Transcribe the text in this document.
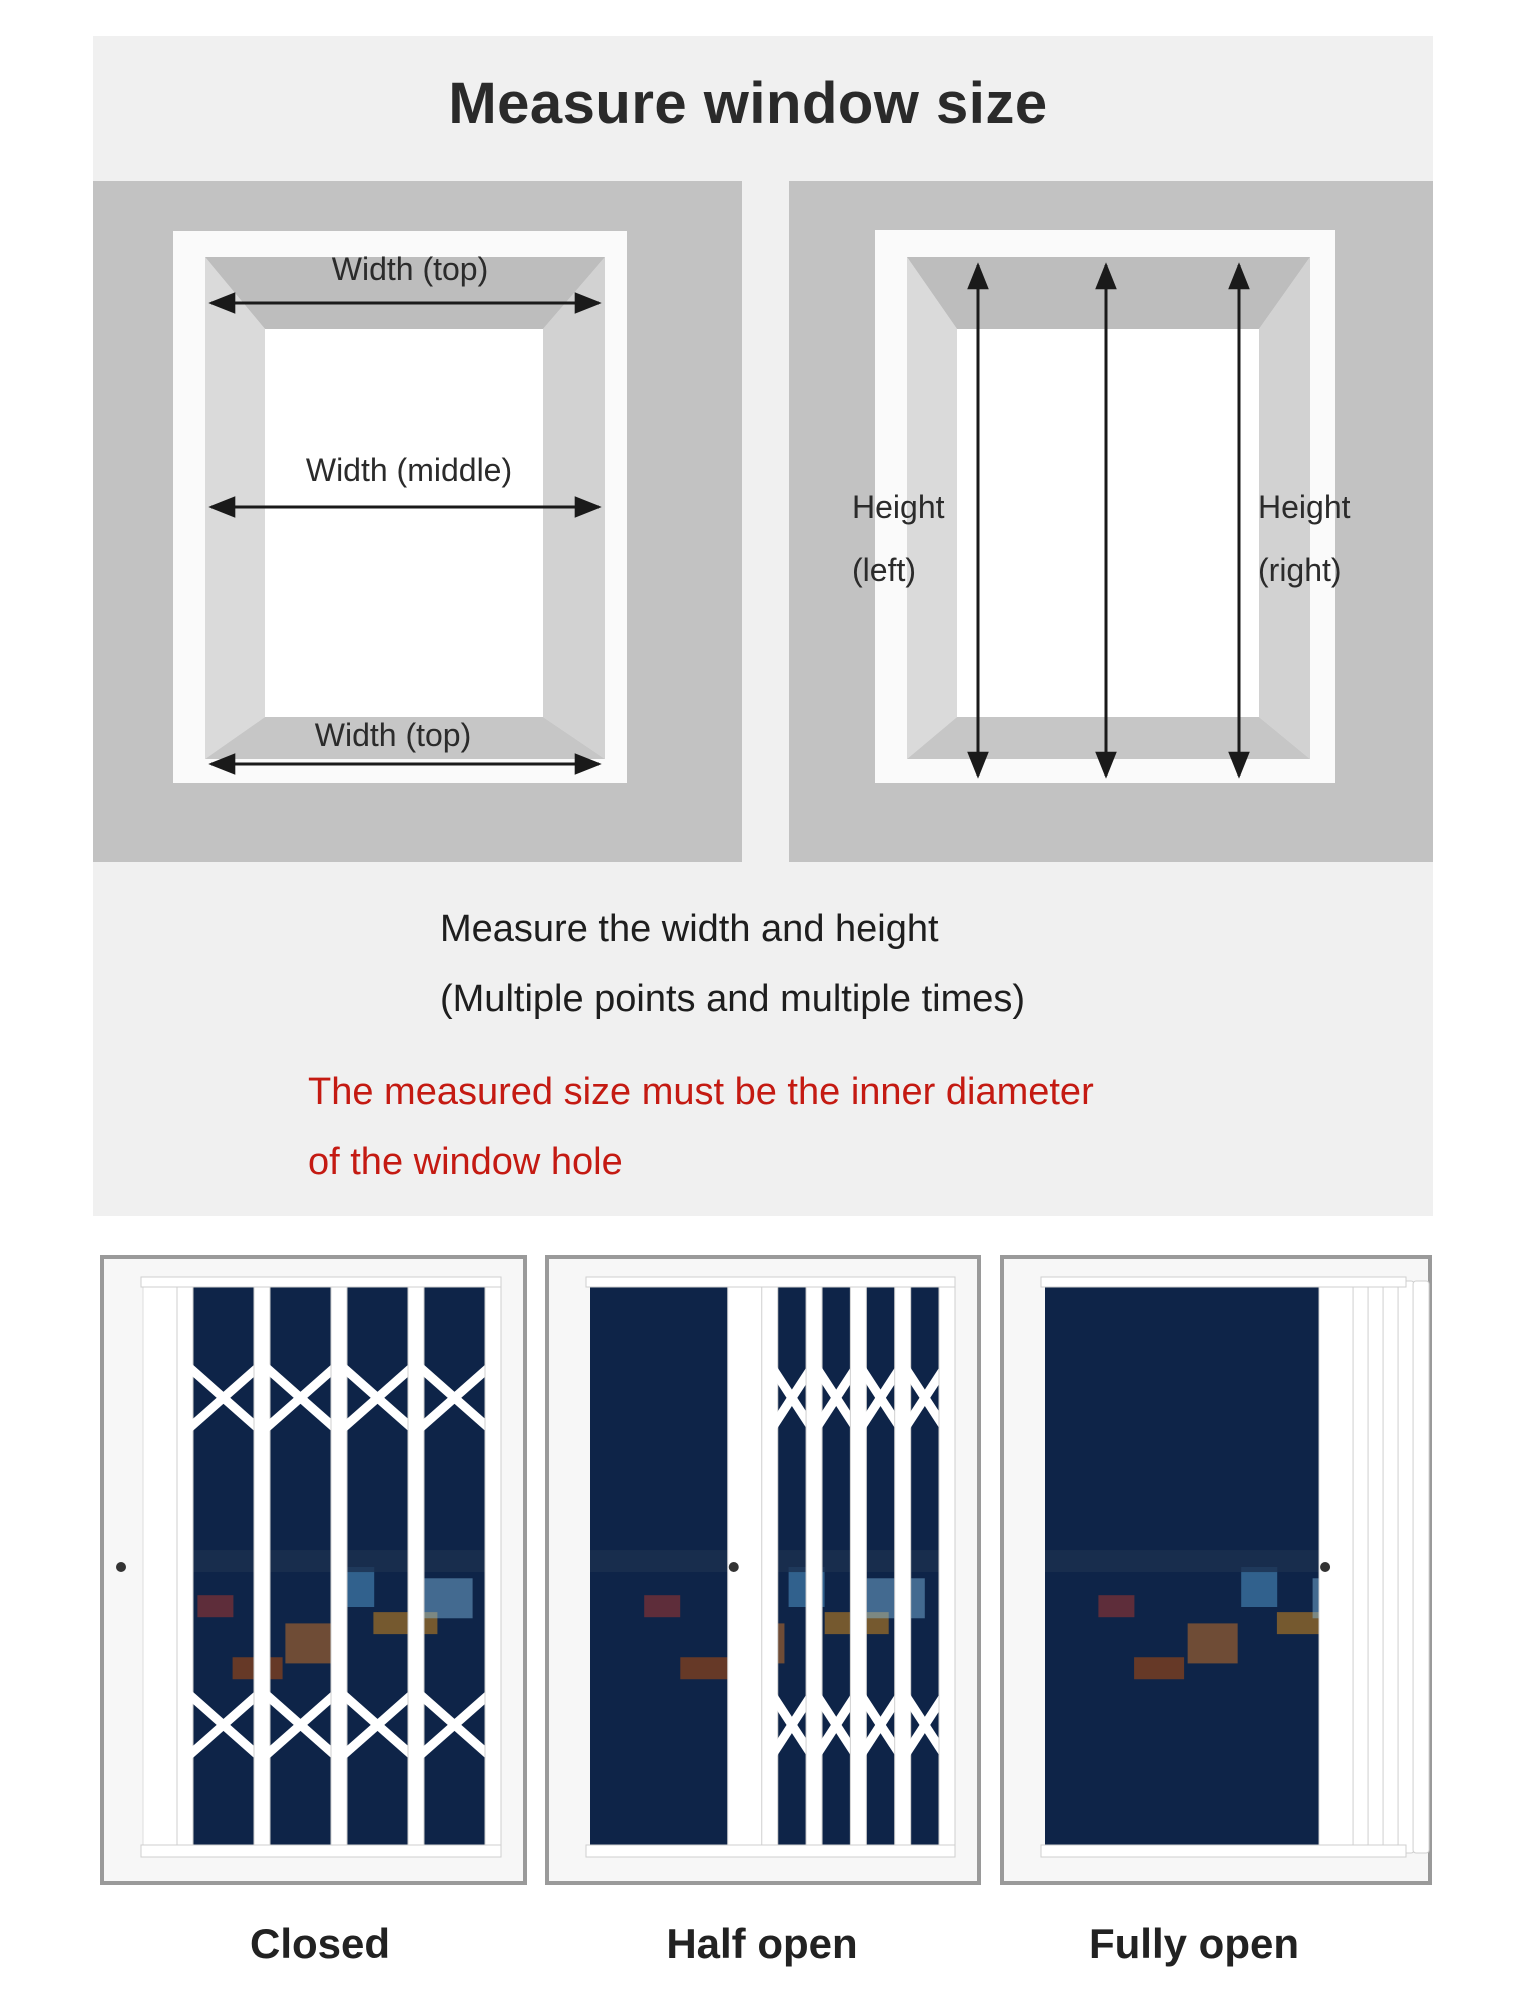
Measure window size
Width (top)
Width (middle)
Width (top)
Height
(left)
Height
(right)
Measure the width and height
(Multiple points and multiple times)
The measured size must be the inner diameter
of the window hole
Closed	Half open	Fully open
